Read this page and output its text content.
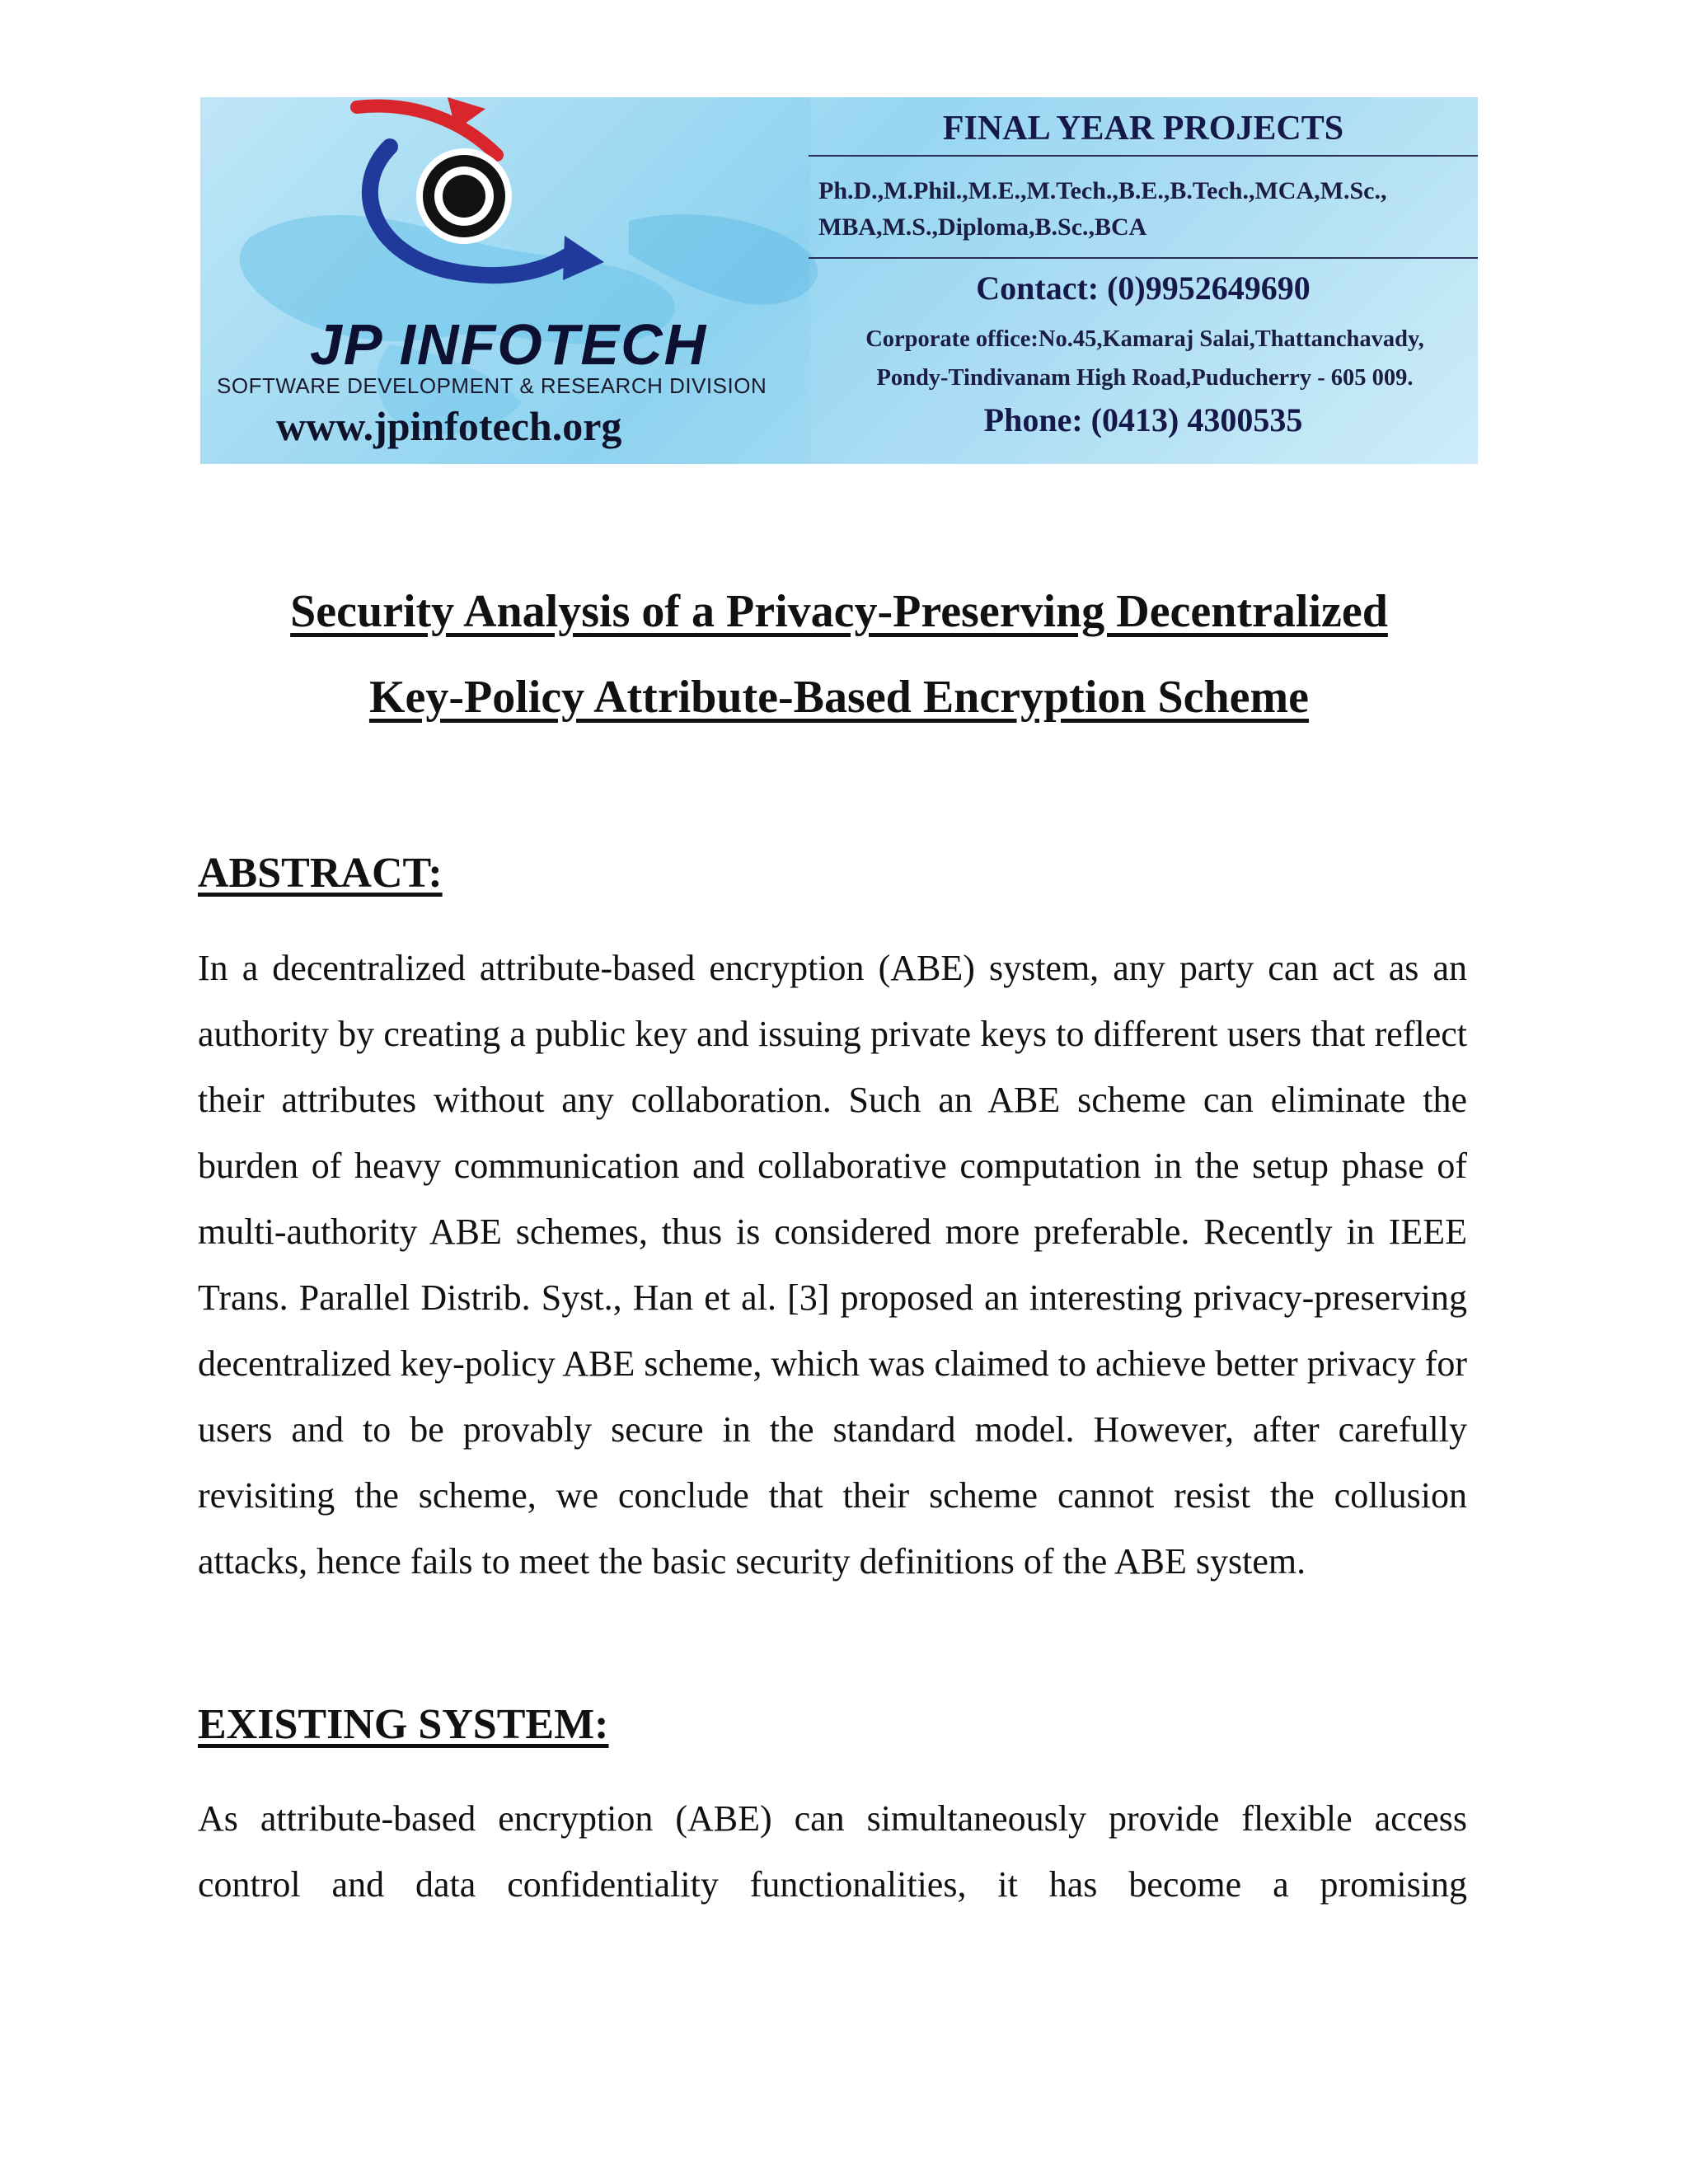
JP INFOTECH
SOFTWARE DEVELOPMENT & RESEARCH DIVISION
www.jpinfotech.org
FINAL YEAR PROJECTS
Ph.D.,M.Phil.,M.E.,M.Tech.,B.E.,B.Tech.,MCA,M.Sc.,
MBA,M.S.,Diploma,B.Sc.,BCA
Contact: (0)9952649690
Corporate office:No.45,Kamaraj Salai,Thattanchavady,
Pondy-Tindivanam High Road,Puducherry - 605 009.
Phone: (0413) 4300535
Security Analysis of a Privacy-Preserving Decentralized
Key-Policy Attribute-Based Encryption Scheme
ABSTRACT:

In a decentralized attribute-based encryption (ABE) system, any party can act as an authority by creating a public key and issuing private keys to different users that reflect their attributes without any collaboration. Such an ABE scheme can eliminate the burden of heavy communication and collaborative computation in the setup phase of multi-authority ABE schemes, thus is considered more preferable. Recently in IEEE Trans. Parallel Distrib. Syst., Han et al. [3] proposed an interesting privacy-preserving decentralized key-policy ABE scheme, which was claimed to achieve better privacy for users and to be provably secure in the standard model. However, after carefully revisiting the scheme, we conclude that their scheme cannot resist the collusion attacks, hence fails to meet the basic security definitions of the ABE system.

EXISTING SYSTEM:

As attribute-based encryption (ABE) can simultaneously provide flexible access control and data confidentiality functionalities, it has become a promising
